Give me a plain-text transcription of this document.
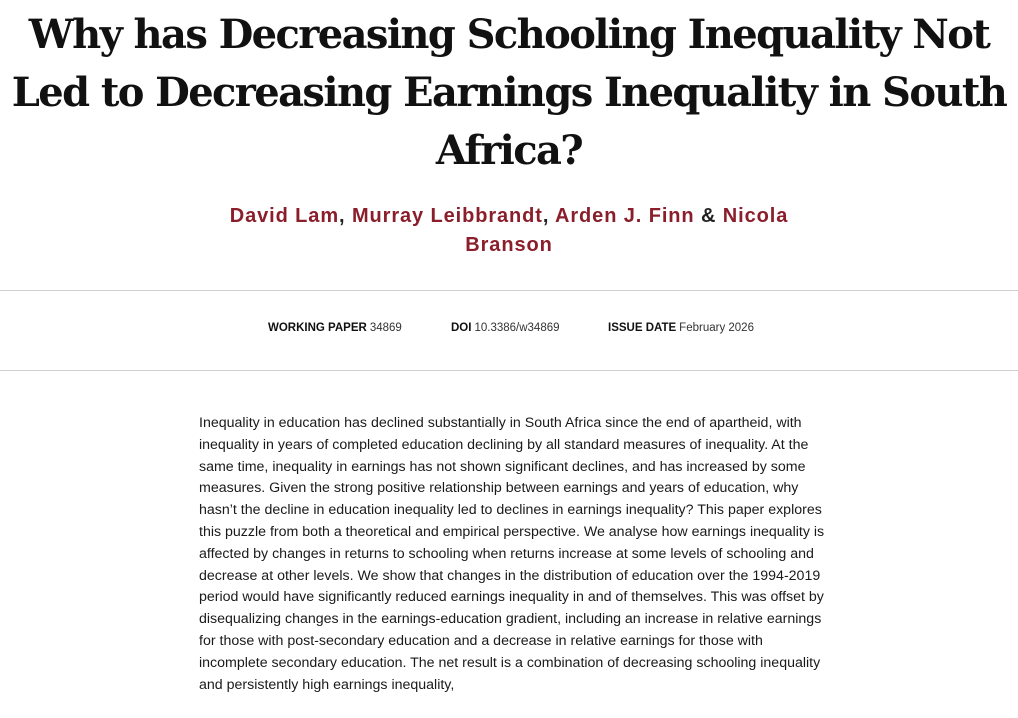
Why has Decreasing Schooling Inequality Not Led to Decreasing Earnings Inequality in South Africa?
David Lam, Murray Leibbrandt, Arden J. Finn & Nicola Branson
WORKING PAPER 34869	DOI 10.3386/w34869	ISSUE DATE February 2026

Inequality in education has declined substantially in South Africa since the end of apartheid, with inequality in years of completed education declining by all standard measures of inequality. At the same time, inequality in earnings has not shown significant declines, and has increased by some measures. Given the strong positive relationship between earnings and years of education, why hasn’t the decline in education inequality led to declines in earnings inequality? This paper explores this puzzle from both a theoretical and empirical perspective. We analyse how earnings inequality is affected by changes in returns to schooling when returns increase at some levels of schooling and decrease at other levels. We show that changes in the distribution of education over the 1994-2019 period would have significantly reduced earnings inequality in and of themselves. This was offset by disequalizing changes in the earnings-education gradient, including an increase in relative earnings for those with post-secondary education and a decrease in relative earnings for those with incomplete secondary education. The net result is a combination of decreasing schooling inequality and persistently high earnings inequality,
